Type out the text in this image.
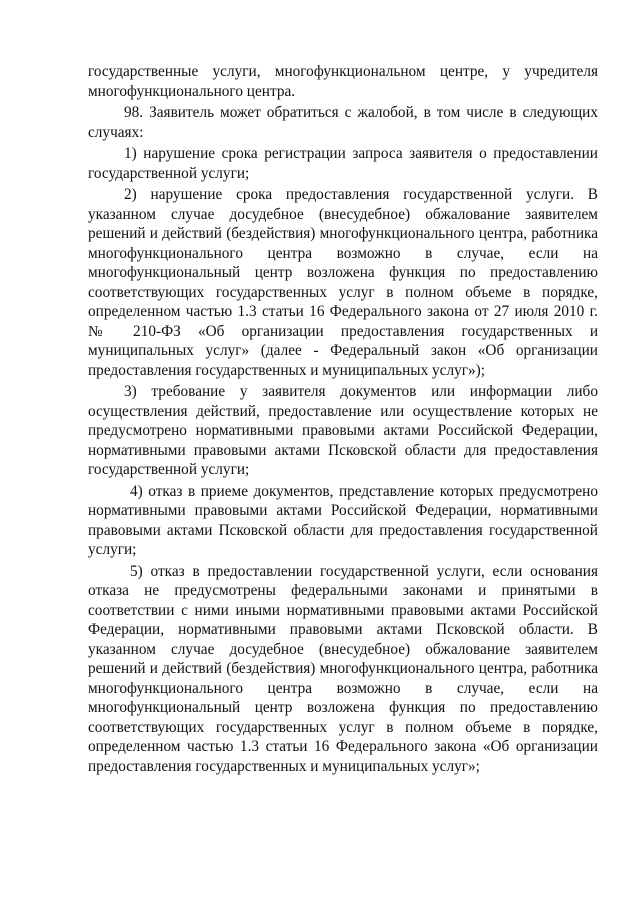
государственные услуги, многофункциональном центре, у учредителя многофункционального центра.

98. Заявитель может обратиться с жалобой, в том числе в следующих случаях:

1) нарушение срока регистрации запроса заявителя о предоставлении государственной услуги;

2) нарушение срока предоставления государственной услуги. В указанном случае досудебное (внесудебное) обжалование заявителем решений и действий (бездействия) многофункционального центра, работника многофункционального центра возможно в случае, если на многофункциональный центр возложена функция по предоставлению соответствующих государственных услуг в полном объеме в порядке, определенном частью 1.3 статьи 16 Федерального закона от 27 июля 2010 г. № 210-ФЗ «Об организации предоставления государственных и муниципальных услуг» (далее - Федеральный закон «Об организации предоставления государственных и муниципальных услуг»);

3) требование у заявителя документов или информации либо осуществления действий, предоставление или осуществление которых не предусмотрено нормативными правовыми актами Российской Федерации, нормативными правовыми актами Псковской области для предоставления государственной услуги;

4) отказ в приеме документов, представление которых предусмотрено нормативными правовыми актами Российской Федерации, нормативными правовыми актами Псковской области для предоставления государственной услуги;

5) отказ в предоставлении государственной услуги, если основания отказа не предусмотрены федеральными законами и принятыми в соответствии с ними иными нормативными правовыми актами Российской Федерации, нормативными правовыми актами Псковской области. В указанном случае досудебное (внесудебное) обжалование заявителем решений и действий (бездействия) многофункционального центра, работника многофункционального центра возможно в случае, если на многофункциональный центр возложена функция по предоставлению соответствующих государственных услуг в полном объеме в порядке, определенном частью 1.3 статьи 16 Федерального закона «Об организации предоставления государственных и муниципальных услуг»;
